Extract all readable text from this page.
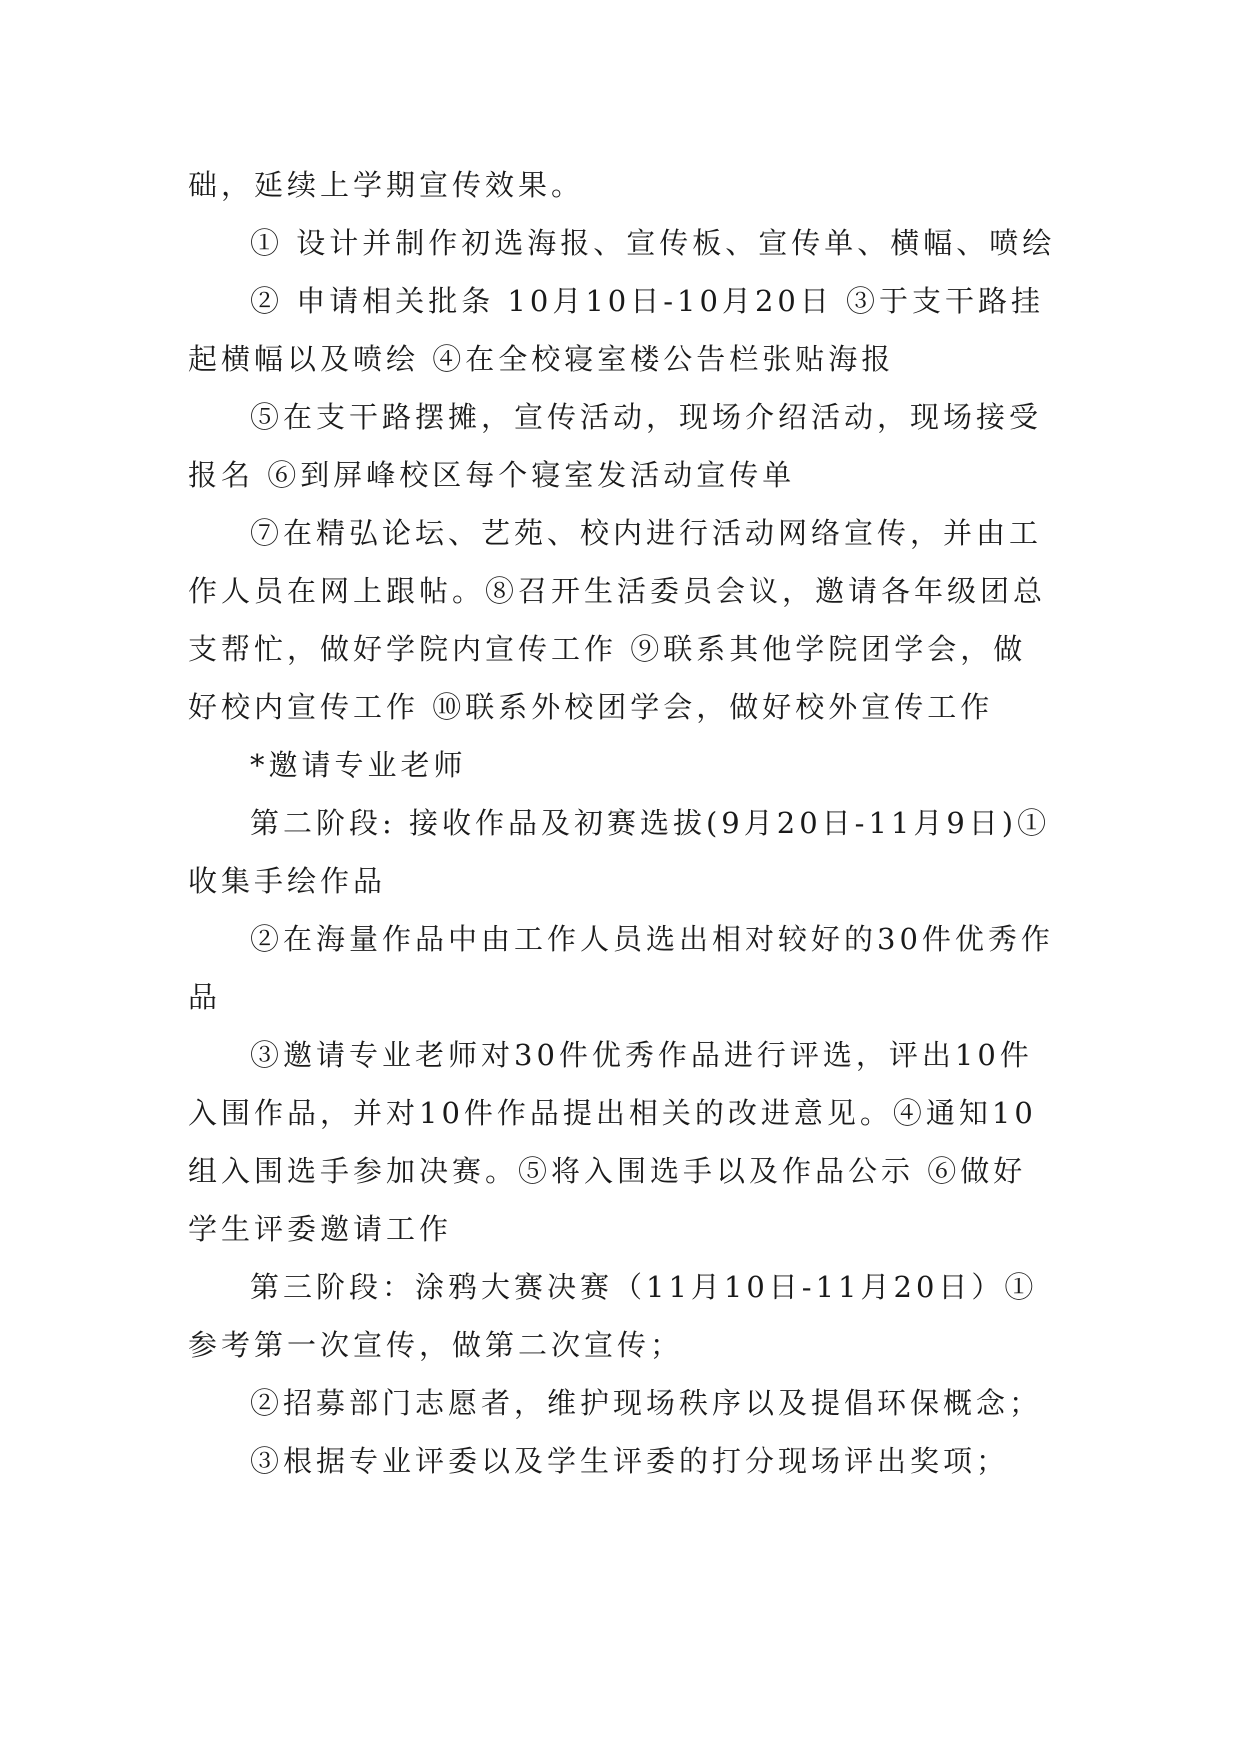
础，延续上学期宣传效果。

① 设计并制作初选海报、宣传板、宣传单、横幅、喷绘

② 申请相关批条 10月10日-10月20日 ③于支干路挂起横幅以及喷绘 ④在全校寝室楼公告栏张贴海报

⑤在支干路摆摊，宣传活动，现场介绍活动，现场接受报名 ⑥到屏峰校区每个寝室发活动宣传单

⑦在精弘论坛、艺苑、校内进行活动网络宣传，并由工作人员在网上跟帖。⑧召开生活委员会议，邀请各年级团总支帮忙，做好学院内宣传工作 ⑨联系其他学院团学会，做好校内宣传工作 ⑩联系外校团学会，做好校外宣传工作

*邀请专业老师

第二阶段: 接收作品及初赛选拔(9月20日-11月9日)①收集手绘作品

②在海量作品中由工作人员选出相对较好的30件优秀作品

③邀请专业老师对30件优秀作品进行评选，评出10件入围作品，并对10件作品提出相关的改进意见。④通知10组入围选手参加决赛。⑤将入围选手以及作品公示 ⑥做好学生评委邀请工作

第三阶段：涂鸦大赛决赛（11月10日-11月20日）①参考第一次宣传，做第二次宣传；

②招募部门志愿者，维护现场秩序以及提倡环保概念；

③根据专业评委以及学生评委的打分现场评出奖项；
